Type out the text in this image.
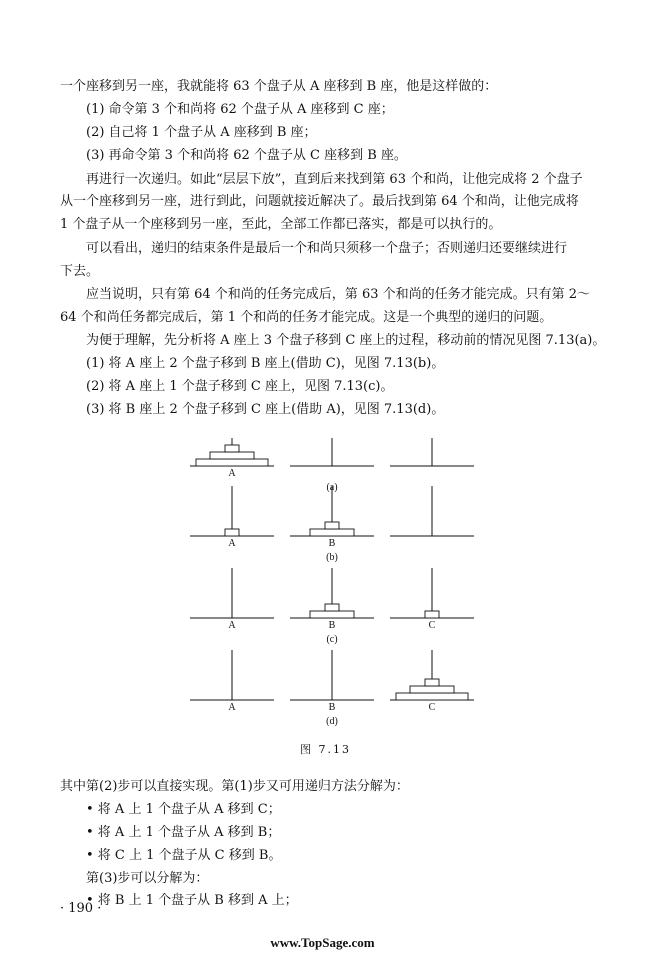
一个座移到另一座，我就能将 63 个盘子从 A 座移到 B 座，他是这样做的：
(1) 命令第 3 个和尚将 62 个盘子从 A 座移到 C 座；
(2) 自己将 1 个盘子从 A 座移到 B 座；
(3) 再命令第 3 个和尚将 62 个盘子从 C 座移到 B 座。
再进行一次递归。如此“层层下放”，直到后来找到第 63 个和尚，让他完成将 2 个盘子
从一个座移到另一座，进行到此，问题就接近解决了。最后找到第 64 个和尚，让他完成将
1 个盘子从一个座移到另一座，至此，全部工作都已落实，都是可以执行的。
可以看出，递归的结束条件是最后一个和尚只须移一个盘子；否则递归还要继续进行
下去。
应当说明，只有第 64 个和尚的任务完成后，第 63 个和尚的任务才能完成。只有第 2～
64 个和尚任务都完成后，第 1 个和尚的任务才能完成。这是一个典型的递归的问题。
为便于理解，先分析将 A 座上 3 个盘子移到 C 座上的过程，移动前的情况见图 7.13(a)。
(1) 将 A 座上 2 个盘子移到 B 座上(借助 C)，见图 7.13(b)。
(2) 将 A 座上 1 个盘子移到 C 座上，见图 7.13(c)。
(3) 将 B 座上 2 个盘子移到 C 座上(借助 A)，见图 7.13(d)。
A
(a)
A	B
(b)
A	B	C
(c)
A	B	C
(d)
图 7.13
其中第(2)步可以直接实现。第(1)步又可用递归方法分解为：
• 将 A 上 1 个盘子从 A 移到 C；
• 将 A 上 1 个盘子从 A 移到 B；
• 将 C 上 1 个盘子从 C 移到 B。
第(3)步可以分解为：
• 将 B 上 1 个盘子从 B 移到 A 上；
· 190 ·
www.TopSage.com
